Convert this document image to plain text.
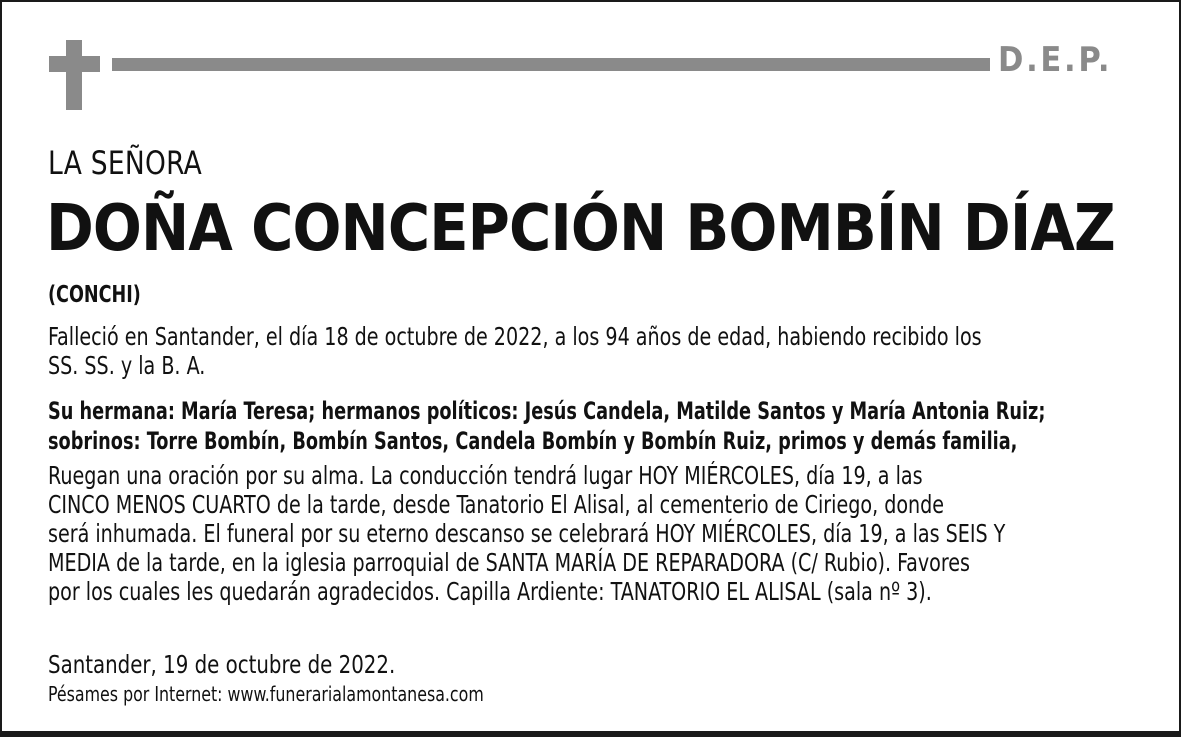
D.E.P.
LA SEÑORA
DOÑA CONCEPCIÓN BOMBÍN DÍAZ
(CONCHI)
Falleció en Santander, el día 18 de octubre de 2022, a los 94 años de edad, habiendo recibido los
SS. SS. y la B. A.
Su hermana: María Teresa; hermanos políticos: Jesús Candela, Matilde Santos y María Antonia Ruiz;
sobrinos: Torre Bombín, Bombín Santos, Candela Bombín y Bombín Ruiz, primos y demás familia,
Ruegan una oración por su alma. La conducción tendrá lugar HOY MIÉRCOLES, día 19, a las
CINCO MENOS CUARTO de la tarde, desde Tanatorio El Alisal, al cementerio de Ciriego, donde
será inhumada. El funeral por su eterno descanso se celebrará HOY MIÉRCOLES, día 19, a las SEIS Y
MEDIA de la tarde, en la iglesia parroquial de SANTA MARÍA DE REPARADORA (C/ Rubio). Favores
por los cuales les quedarán agradecidos. Capilla Ardiente: TANATORIO EL ALISAL (sala nº 3).
Santander, 19 de octubre de 2022.
Pésames por Internet: www.funerarialamontanesa.com
